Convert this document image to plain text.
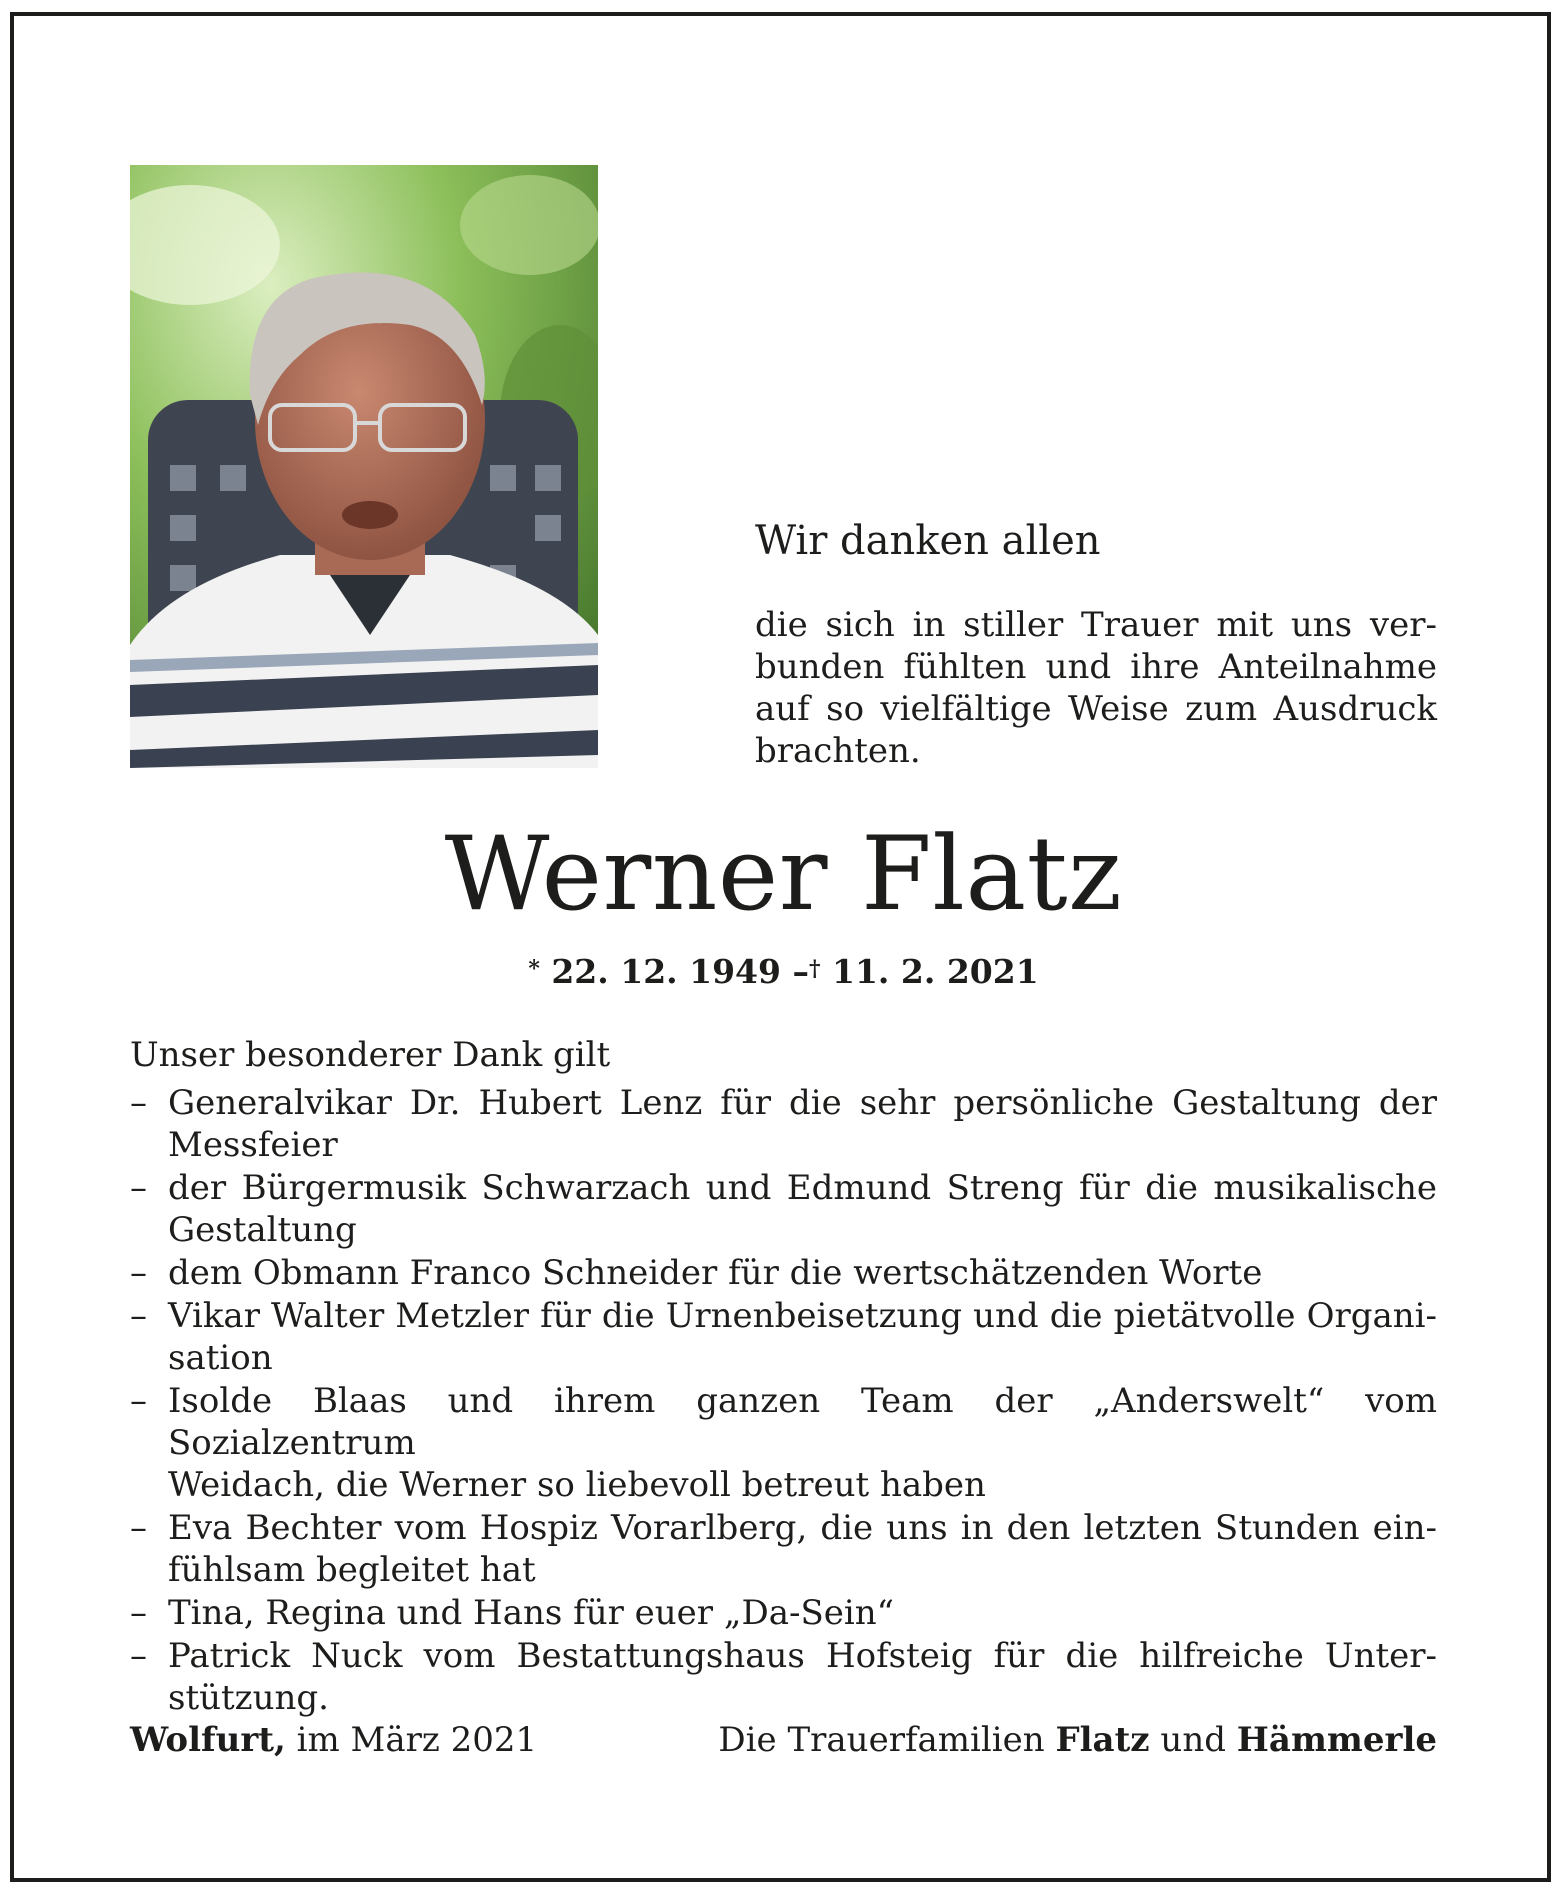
Wir danken allen

die sich in stiller Trauer mit uns ver-
bunden fühlten und ihre Anteilnahme
auf so vielfältige Weise zum Ausdruck
brachten.

Werner Flatz
* 22. 12. 1949 –† 11. 2. 2021

Unser besonderer Dank gilt

– Generalvikar Dr. Hubert Lenz für die sehr persönliche Gestaltung der
Messfeier
– der Bürgermusik Schwarzach und Edmund Streng für die musikalische
Gestaltung
– dem Obmann Franco Schneider für die wertschätzenden Worte
– Vikar Walter Metzler für die Urnenbeisetzung und die pietätvolle Organi-
sation
– Isolde Blaas und ihrem ganzen Team der „Anderswelt“ vom Sozialzentrum
Weidach, die Werner so liebevoll betreut haben
– Eva Bechter vom Hospiz Vorarlberg, die uns in den letzten Stunden ein-
fühlsam begleitet hat
– Tina, Regina und Hans für euer „Da-Sein“
– Patrick Nuck vom Bestattungshaus Hofsteig für die hilfreiche Unter-
stützung.
Wolfurt, im März 2021	Die Trauerfamilien Flatz und Hämmerle
